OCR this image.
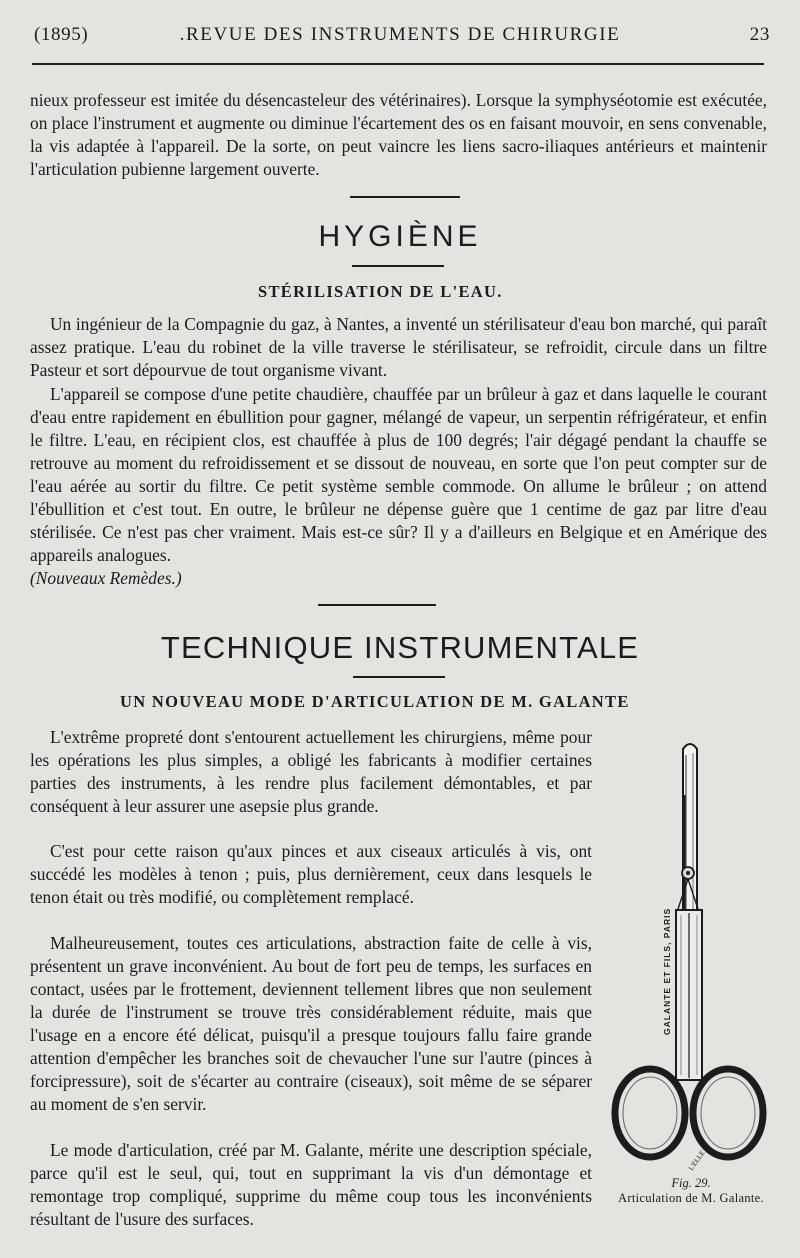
(1895)	.REVUE DES INSTRUMENTS DE CHIRURGIE	23

nieux professeur est imitée du désencasteleur des vétérinaires). Lorsque la symphyséotomie est exécutée, on place l'instrument et augmente ou diminue l'écartement des os en faisant mouvoir, en sens convenable, la vis adaptée à l'appareil. De la sorte, on peut vaincre les liens sacro-iliaques antérieurs et maintenir l'articulation pubienne largement ouverte.

HYGIÈNE
STÉRILISATION DE L'EAU.

Un ingénieur de la Compagnie du gaz, à Nantes, a inventé un stérilisateur d'eau bon marché, qui paraît assez pratique. L'eau du robinet de la ville traverse le stérilisateur, se refroidit, circule dans un filtre Pasteur et sort dépourvue de tout organisme vivant.

L'appareil se compose d'une petite chaudière, chauffée par un brûleur à gaz et dans laquelle le courant d'eau entre rapidement en ébullition pour gagner, mélangé de vapeur, un serpentin réfrigérateur, et enfin le filtre. L'eau, en récipient clos, est chauffée à plus de 100 degrés; l'air dégagé pendant la chauffe se retrouve au moment du refroidissement et se dissout de nouveau, en sorte que l'on peut compter sur de l'eau aérée au sortir du filtre. Ce petit système semble commode. On allume le brûleur ; on attend l'ébullition et c'est tout. En outre, le brûleur ne dépense guère que 1 centime de gaz par litre d'eau stérilisée. Ce n'est pas cher vraiment. Mais est-ce sûr? Il y a d'ailleurs en Belgique et en Amérique des appareils analogues.

(Nouveaux Remèdes.)

TECHNIQUE INSTRUMENTALE
UN NOUVEAU MODE D'ARTICULATION DE M. GALANTE

L'extrême propreté dont s'entourent actuellement les chirurgiens, même pour les opérations les plus simples, a obligé les fabricants à modifier certaines parties des instruments, à les rendre plus facilement démontables, et par conséquent à leur assurer une asepsie plus grande.

C'est pour cette raison qu'aux pinces et aux ciseaux articulés à vis, ont succédé les modèles à tenon ; puis, plus dernièrement, ceux dans lesquels le tenon était ou très modifié, ou complètement remplacé.

Malheureusement, toutes ces articulations, abstraction faite de celle à vis, présentent un grave inconvénient. Au bout de fort peu de temps, les surfaces en contact, usées par le frottement, deviennent tellement libres que non seulement la durée de l'instrument se trouve très considérablement réduite, mais que l'usage en a encore été délicat, puisqu'il a presque toujours fallu faire grande attention d'empêcher les branches soit de chevaucher l'une sur l'autre (pinces à forcipressure), soit de s'écarter au contraire (ciseaux), soit même de se séparer au moment de s'en servir.

Le mode d'articulation, créé par M. Galante, mérite une description spéciale, parce qu'il est le seul, qui, tout en supprimant la vis d'un démontage et remontage trop compliqué, supprime du même coup tous les inconvénients résultant de l'usure des surfaces.

GALANTE ET FILS, PARIS
L'ELLE

Fig. 29.

Articulation de M. Galante.
